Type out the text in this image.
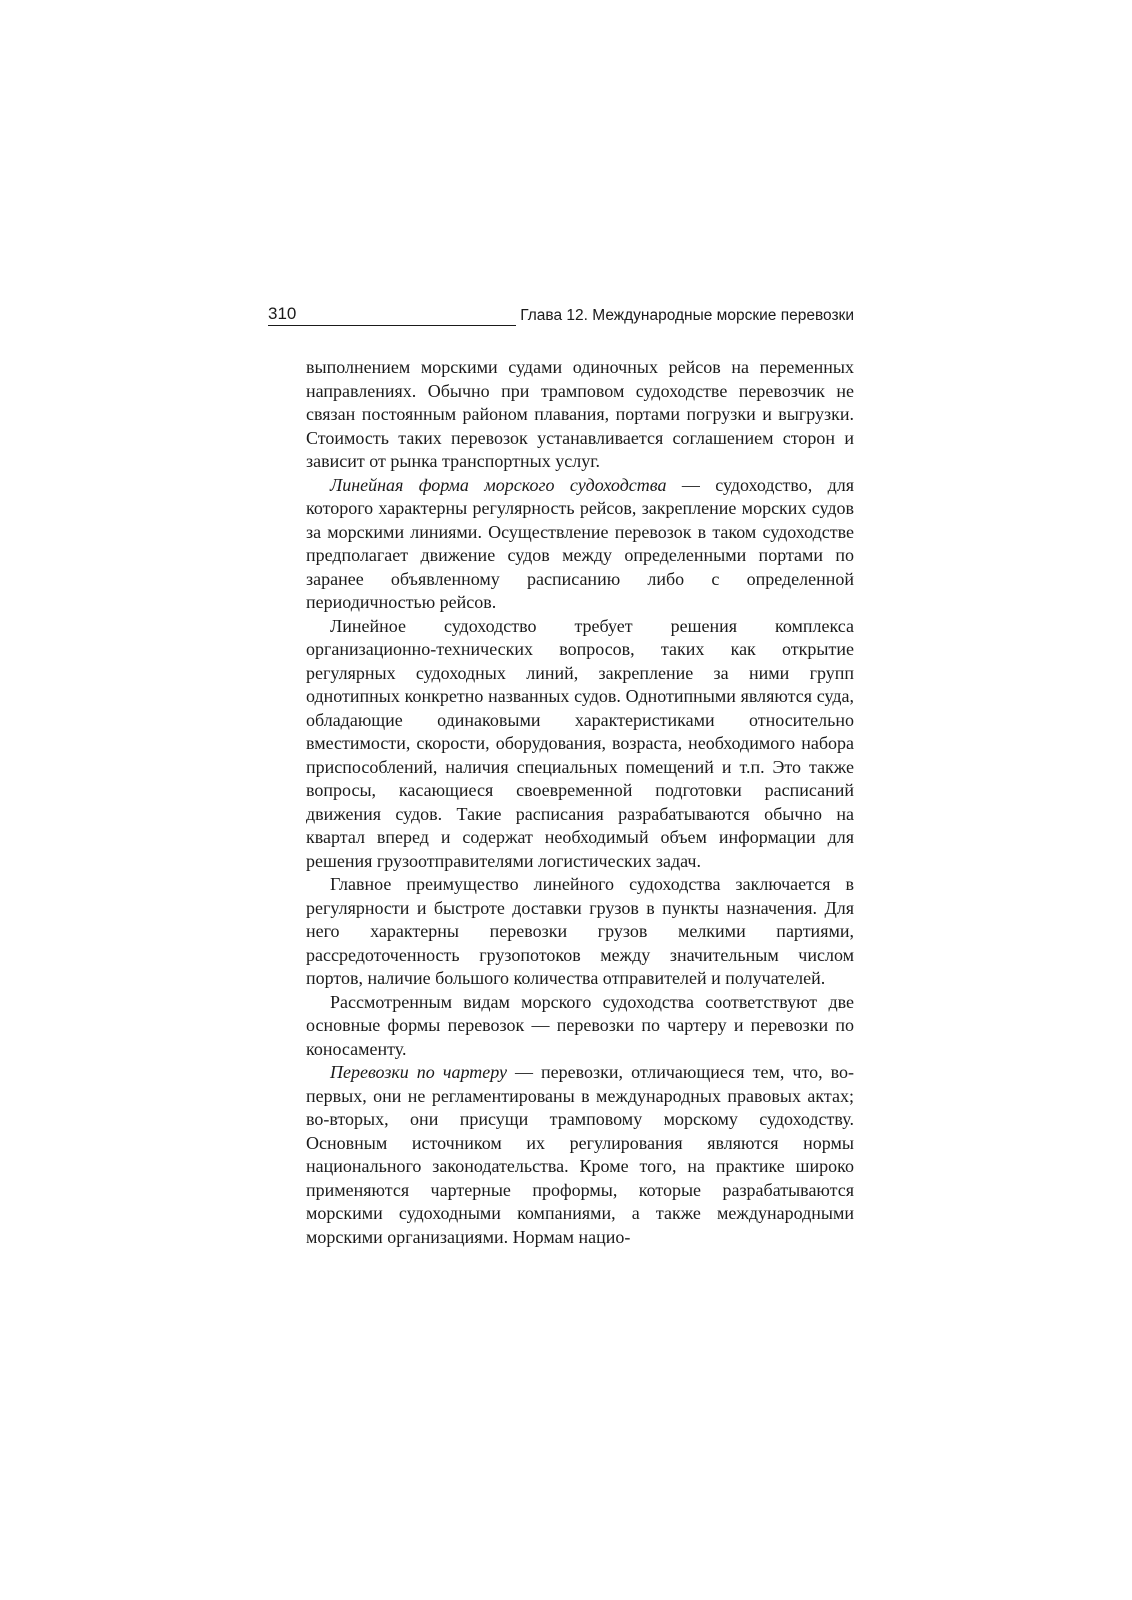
310	Глава 12. Международные морские перевозки

выполнением морскими судами одиночных рейсов на переменных направлениях. Обычно при трамповом судоходстве перевозчик не связан постоянным районом плавания, портами погрузки и выгрузки. Стоимость таких перевозок устанавливается соглашением сторон и зависит от рынка транспортных услуг.

Линейная форма морского судоходства — судоходство, для которого характерны регулярность рейсов, закрепление морских судов за морскими линиями. Осуществление перевозок в таком судоходстве предполагает движение судов между определенными портами по заранее объявленному расписанию либо с определенной периодичностью рейсов.

Линейное судоходство требует решения комплекса организационно-технических вопросов, таких как открытие регулярных судоходных линий, закрепление за ними групп однотипных конкретно названных судов. Однотипными являются суда, обладающие одинаковыми характеристиками относительно вместимости, скорости, оборудования, возраста, необходимого набора приспособлений, наличия специальных помещений и т.п. Это также вопросы, касающиеся своевременной подготовки расписаний движения судов. Такие расписания разрабатываются обычно на квартал вперед и содержат необходимый объем информации для решения грузоотправителями логистических задач.

Главное преимущество линейного судоходства заключается в регулярности и быстроте доставки грузов в пункты назначения. Для него характерны перевозки грузов мелкими партиями, рассредоточенность грузопотоков между значительным числом портов, наличие большого количества отправителей и получателей.

Рассмотренным видам морского судоходства соответствуют две основные формы перевозок — перевозки по чартеру и перевозки по коносаменту.

Перевозки по чартеру — перевозки, отличающиеся тем, что, во-первых, они не регламентированы в международных правовых актах; во-вторых, они присущи трамповому морскому судоходству. Основным источником их регулирования являются нормы национального законодательства. Кроме того, на практике широко применяются чартерные проформы, которые разрабатываются морскими судоходными компаниями, а также международными морскими организациями. Нормам нацио-
